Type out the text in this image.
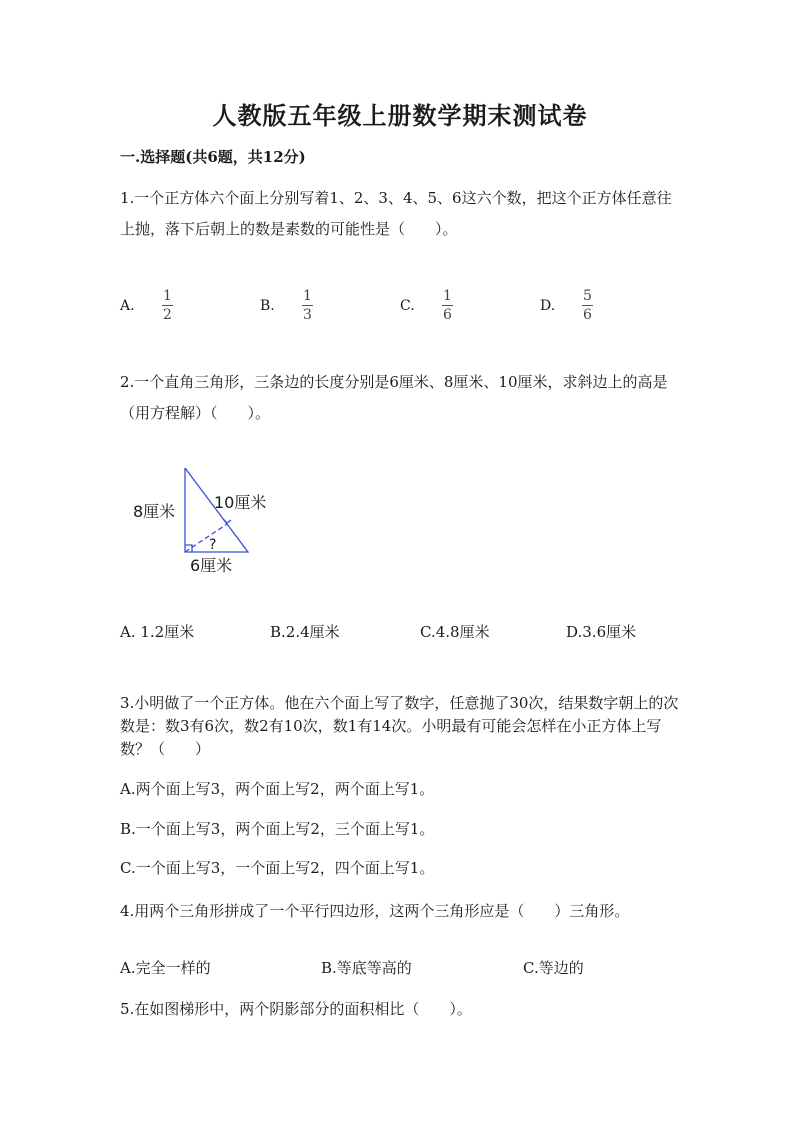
人教版五年级上册数学期末测试卷
一.选择题(共6题，共12分)
1.一个正方体六个面上分别写着1、2、3、4、5、6这六个数，把这个正方体任意往上抛，落下后朝上的数是素数的可能性是（　　）。
A.	$\frac{1}{2}$	B.	$\frac{1}{3}$	C.	$\frac{1}{6}$	D.	$\frac{5}{6}$
2.一个直角三角形，三条边的长度分别是6厘米、8厘米、10厘米，求斜边上的高是（用方程解）（　　）。
8厘米 10厘米
?
6厘米
A. 1.2厘米	B.2.4厘米	C.4.8厘米	D.3.6厘米
3.小明做了一个正方体。他在六个面上写了数字，任意抛了30次，结果数字朝上的次数是：数3有6次，数2有10次，数1有14次。小明最有可能会怎样在小正方体上写数？（　　）
A.两个面上写3，两个面上写2，两个面上写1。
B.一个面上写3，两个面上写2，三个面上写1。
C.一个面上写3，一个面上写2，四个面上写1。
4.用两个三角形拼成了一个平行四边形，这两个三角形应是（　　）三角形。
A.完全一样的	B.等底等高的	C.等边的
5.在如图梯形中，两个阴影部分的面积相比（　　）。
